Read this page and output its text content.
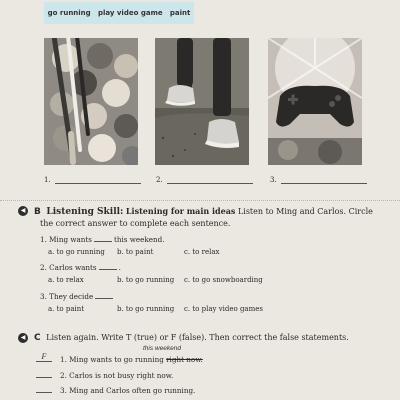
go running play video game paint
1.	2.	3.
◀ B Listening Skill: Listening for main ideas Listen to Ming and Carlos. Circle
the correct answer to complete each sentence.
1. Ming wants	this weekend.
a. to go running b. to paint	c. to relax
2. Carlos wants	.
a. to relax	b. to go running c. to go snowboarding
3. They decide
a. to paint	b. to go running c. to play video games
◀ C Listen again. Write T (true) or F (false). Then correct the false statements.
this weekend
F	1. Ming wants to go running right now.
2. Carlos is not busy right now.
3. Ming and Carlos often go running.
